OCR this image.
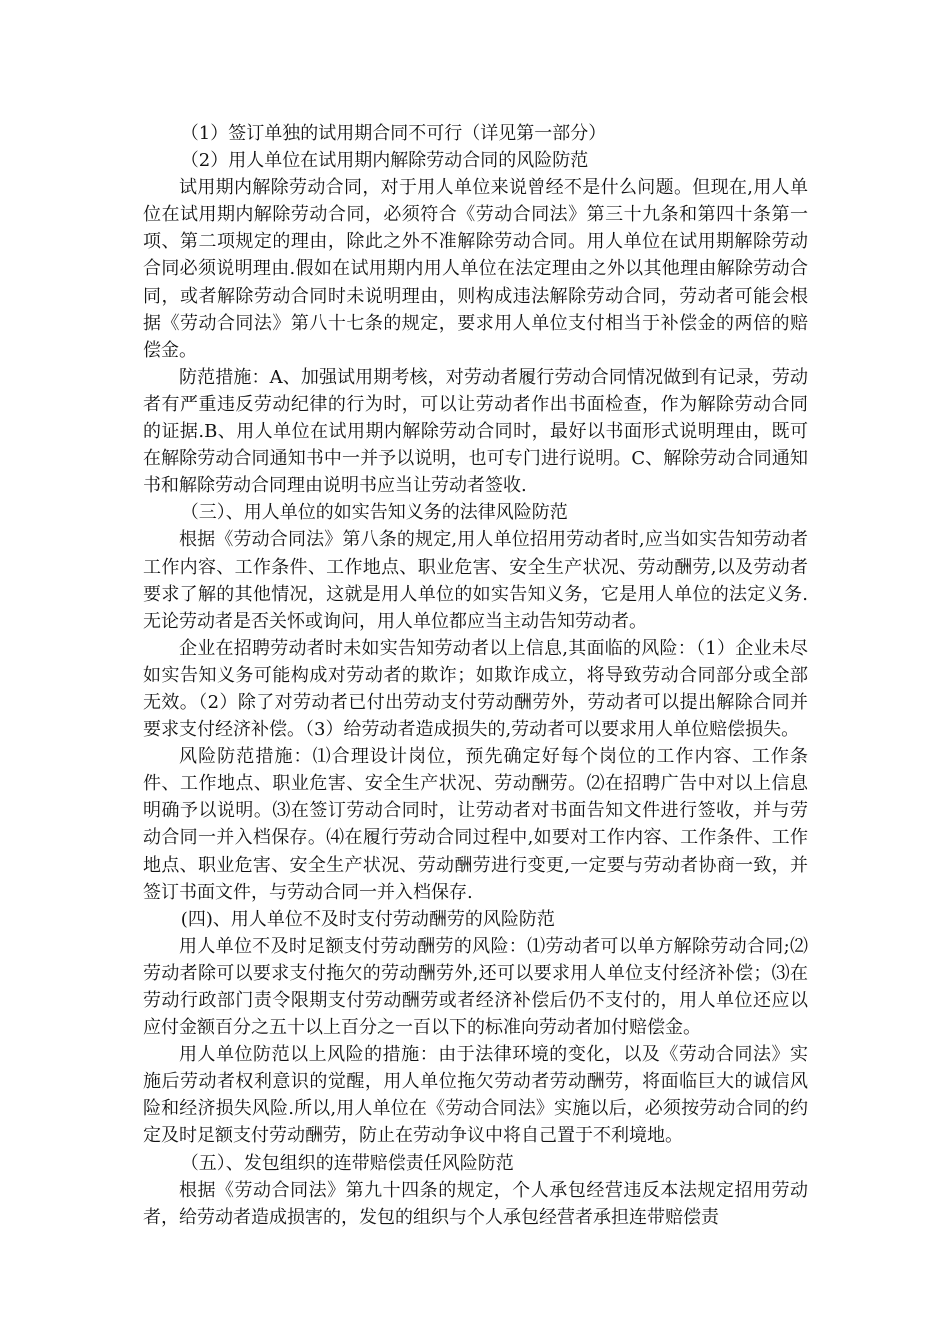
（1）签订单独的试用期合同不可行（详见第一部分）

（2）用人单位在试用期内解除劳动合同的风险防范

试用期内解除劳动合同，对于用人单位来说曾经不是什么问题。但现在,用人单位在试用期内解除劳动合同，必须符合《劳动合同法》第三十九条和第四十条第一项、第二项规定的理由，除此之外不准解除劳动合同。用人单位在试用期解除劳动合同必须说明理由.假如在试用期内用人单位在法定理由之外以其他理由解除劳动合同，或者解除劳动合同时未说明理由，则构成违法解除劳动合同，劳动者可能会根据《劳动合同法》第八十七条的规定，要求用人单位支付相当于补偿金的两倍的赔偿金。

防范措施：A、加强试用期考核，对劳动者履行劳动合同情况做到有记录，劳动者有严重违反劳动纪律的行为时，可以让劳动者作出书面检查，作为解除劳动合同的证据.B、用人单位在试用期内解除劳动合同时，最好以书面形式说明理由，既可在解除劳动合同通知书中一并予以说明，也可专门进行说明。C、解除劳动合同通知书和解除劳动合同理由说明书应当让劳动者签收.

（三）、用人单位的如实告知义务的法律风险防范

根据《劳动合同法》第八条的规定,用人单位招用劳动者时,应当如实告知劳动者工作内容、工作条件、工作地点、职业危害、安全生产状况、劳动酬劳,以及劳动者要求了解的其他情况，这就是用人单位的如实告知义务，它是用人单位的法定义务.无论劳动者是否关怀或询问，用人单位都应当主动告知劳动者。

企业在招聘劳动者时未如实告知劳动者以上信息,其面临的风险：（1）企业未尽如实告知义务可能构成对劳动者的欺诈；如欺诈成立，将导致劳动合同部分或全部无效。（2）除了对劳动者已付出劳动支付劳动酬劳外，劳动者可以提出解除合同并要求支付经济补偿。（3）给劳动者造成损失的,劳动者可以要求用人单位赔偿损失。

风险防范措施：⑴合理设计岗位，预先确定好每个岗位的工作内容、工作条件、工作地点、职业危害、安全生产状况、劳动酬劳。⑵在招聘广告中对以上信息明确予以说明。⑶在签订劳动合同时，让劳动者对书面告知文件进行签收，并与劳动合同一并入档保存。⑷在履行劳动合同过程中,如要对工作内容、工作条件、工作地点、职业危害、安全生产状况、劳动酬劳进行变更,一定要与劳动者协商一致，并签订书面文件，与劳动合同一并入档保存.

(四)、用人单位不及时支付劳动酬劳的风险防范

用人单位不及时足额支付劳动酬劳的风险：⑴劳动者可以单方解除劳动合同;⑵劳动者除可以要求支付拖欠的劳动酬劳外,还可以要求用人单位支付经济补偿；⑶在劳动行政部门责令限期支付劳动酬劳或者经济补偿后仍不支付的，用人单位还应以应付金额百分之五十以上百分之一百以下的标准向劳动者加付赔偿金。

用人单位防范以上风险的措施：由于法律环境的变化，以及《劳动合同法》实施后劳动者权利意识的觉醒，用人单位拖欠劳动者劳动酬劳，将面临巨大的诚信风险和经济损失风险.所以,用人单位在《劳动合同法》实施以后，必须按劳动合同的约定及时足额支付劳动酬劳，防止在劳动争议中将自己置于不利境地。

（五）、发包组织的连带赔偿责任风险防范

根据《劳动合同法》第九十四条的规定，个人承包经营违反本法规定招用劳动者，给劳动者造成损害的，发包的组织与个人承包经营者承担连带赔偿责
